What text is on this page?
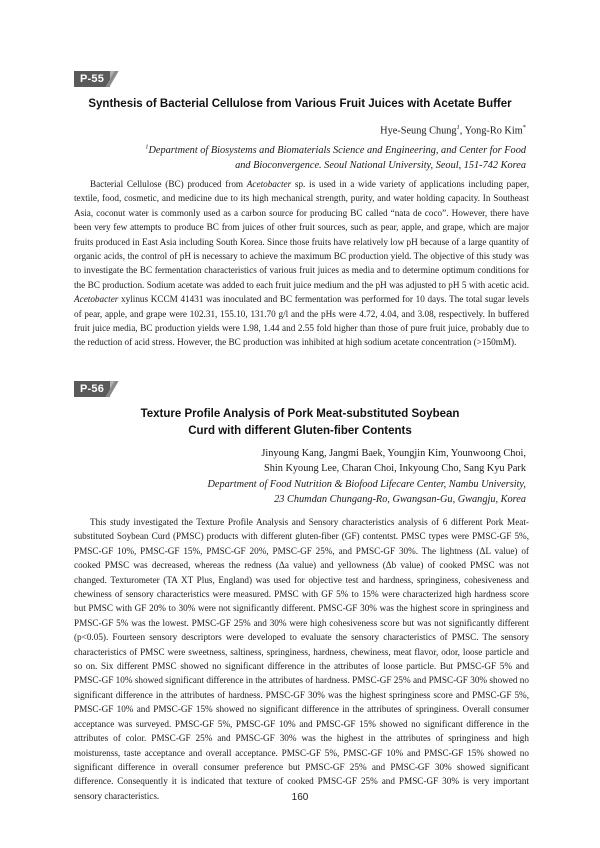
P-55

Synthesis of Bacterial Cellulose from Various Fruit Juices with Acetate Buffer

Hye-Seung Chung$^1$, Yong-Ro Kim*

$^1$Department of Biosystems and Biomaterials Science and Engineering, and Center for Food
and Bioconvergence. Seoul National University, Seoul, 151-742 Korea

Bacterial Cellulose (BC) produced from Acetobacter sp. is used in a wide variety of applications including paper, textile, food, cosmetic, and medicine due to its high mechanical strength, purity, and water holding capacity. In Southeast Asia, coconut water is commonly used as a carbon source for producing BC called “nata de coco”. However, there have been very few attempts to produce BC from juices of other fruit sources, such as pear, apple, and grape, which are major fruits produced in East Asia including South Korea. Since those fruits have relatively low pH because of a large quantity of organic acids, the control of pH is necessary to achieve the maximum BC production yield. The objective of this study was to investigate the BC fermentation characteristics of various fruit juices as media and to determine optimum conditions for the BC production. Sodium acetate was added to each fruit juice medium and the pH was adjusted to pH 5 with acetic acid. Acetobacter xylinus KCCM 41431 was inoculated and BC fermentation was performed for 10 days. The total sugar levels of pear, apple, and grape were 102.31, 155.10, 131.70 g/l and the pHs were 4.72, 4.04, and 3.08, respectively. In buffered fruit juice media, BC production yields were 1.98, 1.44 and 2.55 fold higher than those of pure fruit juice, probably due to the reduction of acid stress. However, the BC production was inhibited at high sodium acetate concentration (>150mM).

P-56

Texture Profile Analysis of Pork Meat-substituted Soybean
Curd with different Gluten-fiber Contents

Jinyoung Kang, Jangmi Baek, Youngjin Kim, Younwoong Choi,
Shin Kyoung Lee, Charan Choi, Inkyoung Cho, Sang Kyu Park

Department of Food Nutrition & Biofood Lifecare Center, Nambu University,
23 Chumdan Chungang-Ro, Gwangsan-Gu, Gwangju, Korea

This study investigated the Texture Profile Analysis and Sensory characteristics analysis of 6 different Pork Meat-substituted Soybean Curd (PMSC) products with different gluten-fiber (GF) contentst. PMSC types were PMSC-GF 5%, PMSC-GF 10%, PMSC-GF 15%, PMSC-GF 20%, PMSC-GF 25%, and PMSC-GF 30%. The lightness (ΔL value) of cooked PMSC was decreased, whereas the redness (Δa value) and yellowness (Δb value) of cooked PMSC was not changed. Texturometer (TA XT Plus, England) was used for objective test and hardness, springiness, cohesiveness and chewiness of sensory characteristics were measured. PMSC with GF 5% to 15% were characterized high hardness score but PMSC with GF 20% to 30% were not significantly different. PMSC-GF 30% was the highest score in springiness and PMSC-GF 5% was the lowest. PMSC-GF 25% and 30% were high cohesiveness score but was not significantly different (p<0.05). Fourteen sensory descriptors were developed to evaluate the sensory characteristics of PMSC. The sensory characteristics of PMSC were sweetness, saltiness, springiness, hardness, chewiness, meat flavor, odor, loose particle and so on. Six different PMSC showed no significant difference in the attributes of loose particle. But PMSC-GF 5% and PMSC-GF 10% showed significant difference in the attributes of hardness. PMSC-GF 25% and PMSC-GF 30% showed no significant difference in the attributes of hardness. PMSC-GF 30% was the highest springiness score and PMSC-GF 5%, PMSC-GF 10% and PMSC-GF 15% showed no significant difference in the attributes of springiness. Overall consumer acceptance was surveyed. PMSC-GF 5%, PMSC-GF 10% and PMSC-GF 15% showed no significant difference in the attributes of color. PMSC-GF 25% and PMSC-GF 30% was the highest in the attributes of springiness and high moisturenss, taste acceptance and overall acceptance. PMSC-GF 5%, PMSC-GF 10% and PMSC-GF 15% showed no significant difference in overall consumer preference but PMSC-GF 25% and PMSC-GF 30% showed significant difference. Consequently it is indicated that texture of cooked PMSC-GF 25% and PMSC-GF 30% is very important sensory characteristics.	160
